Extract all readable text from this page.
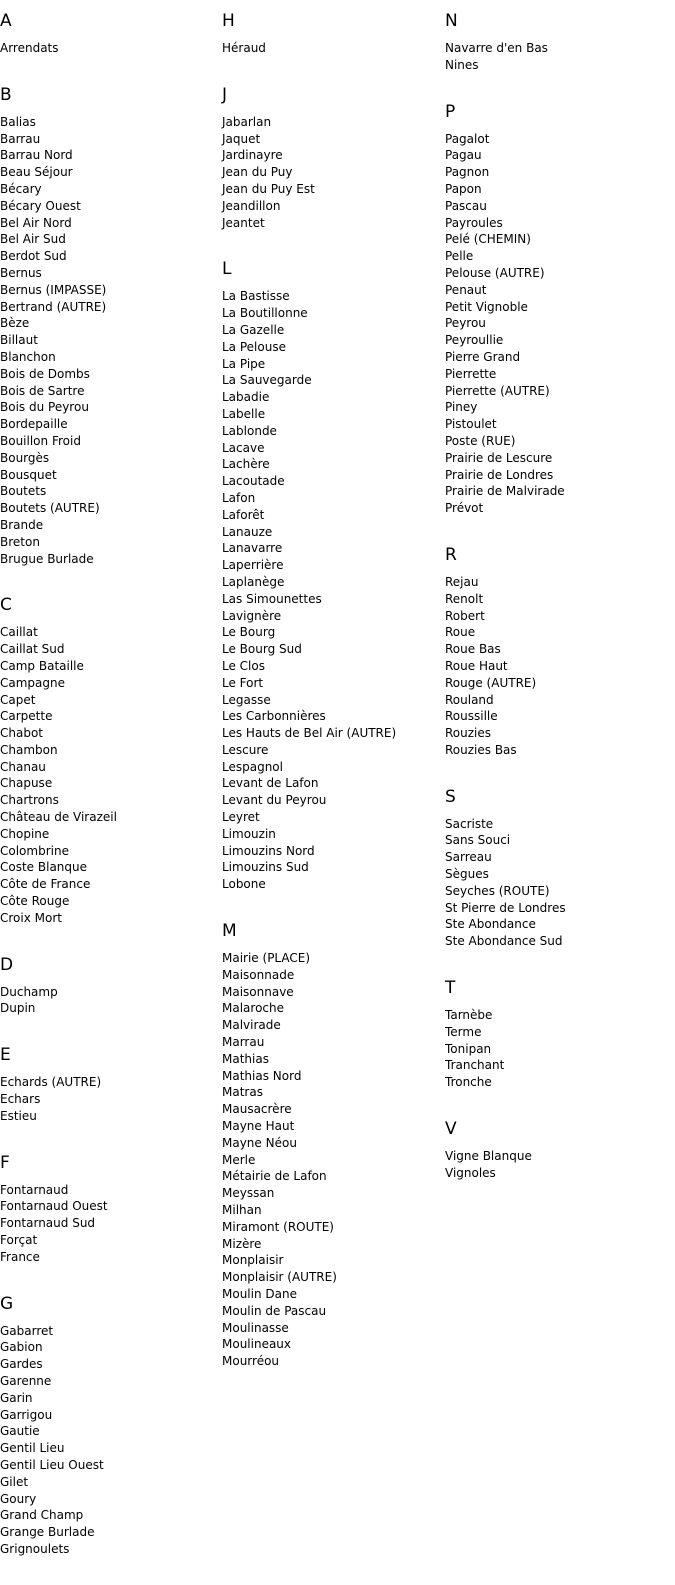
A
Arrendats
B
Balias
Barrau
Barrau Nord
Beau Séjour
Bécary
Bécary Ouest
Bel Air Nord
Bel Air Sud
Berdot Sud
Bernus
Bernus (IMPASSE)
Bertrand (AUTRE)
Bèze
Billaut
Blanchon
Bois de Dombs
Bois de Sartre
Bois du Peyrou
Bordepaille
Bouillon Froid
Bourgès
Bousquet
Boutets
Boutets (AUTRE)
Brande
Breton
Brugue Burlade
C
Caillat
Caillat Sud
Camp Bataille
Campagne
Capet
Carpette
Chabot
Chambon
Chanau
Chapuse
Chartrons
Château de Virazeil
Chopine
Colombrine
Coste Blanque
Côte de France
Côte Rouge
Croix Mort
D
Duchamp
Dupin
E
Echards (AUTRE)
Echars
Estieu
F
Fontarnaud
Fontarnaud Ouest
Fontarnaud Sud
Forçat
France
G
Gabarret
Gabion
Gardes
Garenne
Garin
Garrigou
Gautie
Gentil Lieu
Gentil Lieu Ouest
Gilet
Goury
Grand Champ
Grange Burlade
Grignoulets
H
Héraud
J
Jabarlan
Jaquet
Jardinayre
Jean du Puy
Jean du Puy Est
Jeandillon
Jeantet
L
La Bastisse
La Boutillonne
La Gazelle
La Pelouse
La Pipe
La Sauvegarde
Labadie
Labelle
Lablonde
Lacave
Lachère
Lacoutade
Lafon
Laforêt
Lanauze
Lanavarre
Laperrière
Laplanège
Las Simounettes
Lavignère
Le Bourg
Le Bourg Sud
Le Clos
Le Fort
Legasse
Les Carbonnières
Les Hauts de Bel Air (AUTRE)
Lescure
Lespagnol
Levant de Lafon
Levant du Peyrou
Leyret
Limouzin
Limouzins Nord
Limouzins Sud
Lobone
M
Mairie (PLACE)
Maisonnade
Maisonnave
Malaroche
Malvirade
Marrau
Mathias
Mathias Nord
Matras
Mausacrère
Mayne Haut
Mayne Néou
Merle
Métairie de Lafon
Meyssan
Milhan
Miramont (ROUTE)
Mizère
Monplaisir
Monplaisir (AUTRE)
Moulin Dane
Moulin de Pascau
Moulinasse
Moulineaux
Mourréou
N
Navarre d'en Bas
Nines
P
Pagalot
Pagau
Pagnon
Papon
Pascau
Payroules
Pelé (CHEMIN)
Pelle
Pelouse (AUTRE)
Penaut
Petit Vignoble
Peyrou
Peyroullie
Pierre Grand
Pierrette
Pierrette (AUTRE)
Piney
Pistoulet
Poste (RUE)
Prairie de Lescure
Prairie de Londres
Prairie de Malvirade
Prévot
R
Rejau
Renolt
Robert
Roue
Roue Bas
Roue Haut
Rouge (AUTRE)
Rouland
Roussille
Rouzies
Rouzies Bas
S
Sacriste
Sans Souci
Sarreau
Sègues
Seyches (ROUTE)
St Pierre de Londres
Ste Abondance
Ste Abondance Sud
T
Tarnèbe
Terme
Tonipan
Tranchant
Tronche
V
Vigne Blanque
Vignoles
